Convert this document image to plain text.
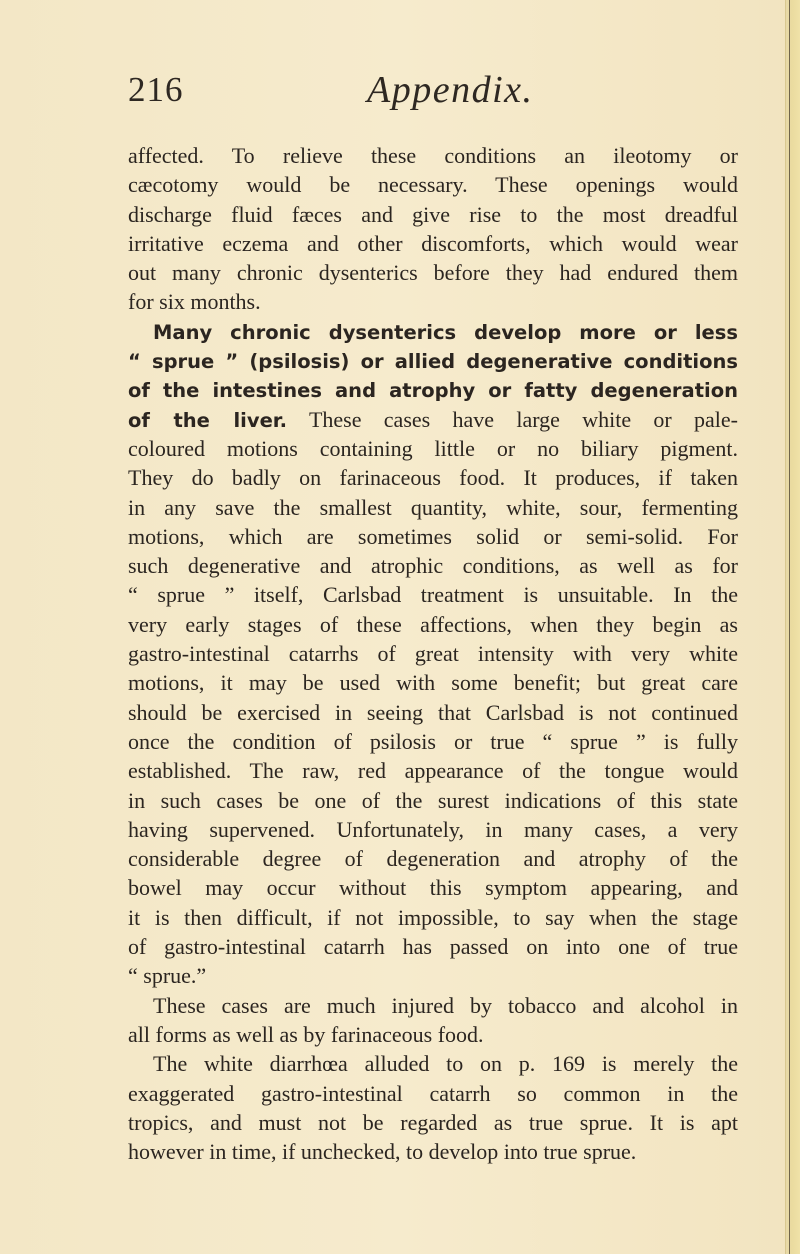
216	Appendix.
affected. To relieve these conditions an ileotomy or
cæcotomy would be necessary. These openings would
discharge fluid fæces and give rise to the most dreadful
irritative eczema and other discomforts, which would wear
out many chronic dysenterics before they had endured them
for six months.
Many chronic dysenterics develop more or less
“ sprue ” (psilosis) or allied degenerative conditions
of the intestines and atrophy or fatty degeneration
of the liver. These cases have large white or pale-
coloured motions containing little or no biliary pigment.
They do badly on farinaceous food. It produces, if taken
in any save the smallest quantity, white, sour, fermenting
motions, which are sometimes solid or semi-solid. For
such degenerative and atrophic conditions, as well as for
“ sprue ” itself, Carlsbad treatment is unsuitable. In the
very early stages of these affections, when they begin as
gastro-intestinal catarrhs of great intensity with very white
motions, it may be used with some benefit; but great care
should be exercised in seeing that Carlsbad is not continued
once the condition of psilosis or true “ sprue ” is fully
established. The raw, red appearance of the tongue would
in such cases be one of the surest indications of this state
having supervened. Unfortunately, in many cases, a very
considerable degree of degeneration and atrophy of the
bowel may occur without this symptom appearing, and
it is then difficult, if not impossible, to say when the stage
of gastro-intestinal catarrh has passed on into one of true
“ sprue.”
These cases are much injured by tobacco and alcohol in
all forms as well as by farinaceous food.
The white diarrhœa alluded to on p. 169 is merely the
exaggerated gastro-intestinal catarrh so common in the
tropics, and must not be regarded as true sprue. It is apt
however in time, if unchecked, to develop into true sprue.
